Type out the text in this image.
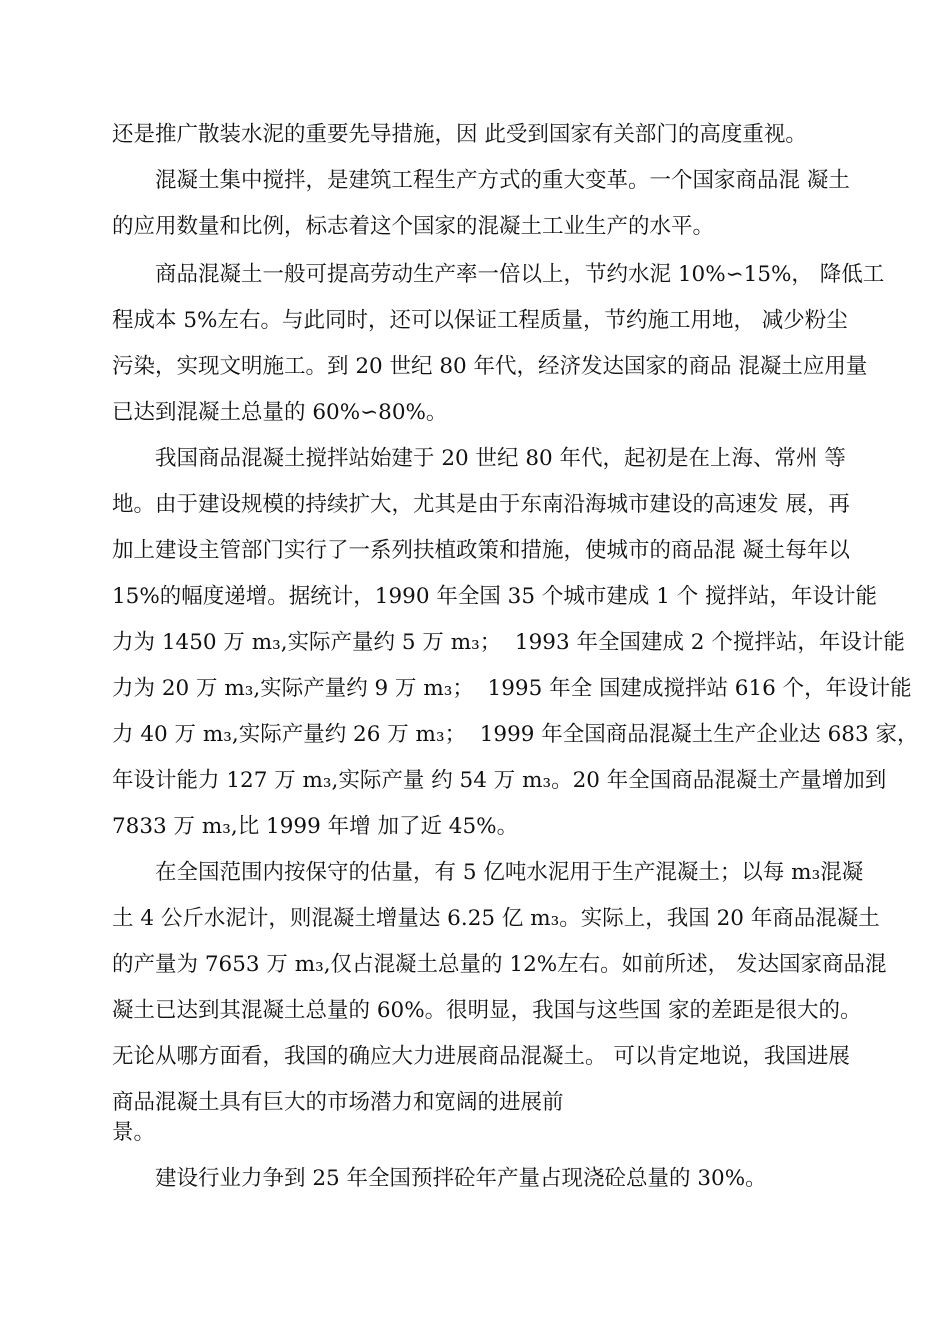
还是推广散装水泥的重要先导措施，因 此受到国家有关部门的高度重视。
混凝土集中搅拌，是建筑工程生产方式的重大变革。一个国家商品混 凝土
的应用数量和比例，标志着这个国家的混凝土工业生产的水平。
商品混凝土一般可提高劳动生产率一倍以上，节约水泥 10%∽15%， 降低工
程成本 5%左右。与此同时，还可以保证工程质量，节约施工用地， 减少粉尘
污染，实现文明施工。到 20 世纪 80 年代，经济发达国家的商品 混凝土应用量
已达到混凝土总量的 60%∽80%。
我国商品混凝土搅拌站始建于 20 世纪 80 年代，起初是在上海、常州 等
地。由于建设规模的持续扩大，尤其是由于东南沿海城市建设的高速发 展，再
加上建设主管部门实行了一系列扶植政策和措施，使城市的商品混 凝土每年以
15%的幅度递增。据统计，1990 年全国 35 个城市建成 1 个 搅拌站，年设计能
力为 1450 万 m₃,实际产量约 5 万 m₃；  1993 年全国建成 2 个搅拌站，年设计能
力为 20 万 m₃,实际产量约 9 万 m₃；  1995 年全 国建成搅拌站 616 个，年设计能
力 40 万 m₃,实际产量约 26 万 m₃；  1999 年全国商品混凝土生产企业达 683 家，
年设计能力 127 万 m₃,实际产量 约 54 万 m₃。20 年全国商品混凝土产量增加到
7833 万 m₃,比 1999 年增 加了近 45%。
在全国范围内按保守的估量，有 5 亿吨水泥用于生产混凝土；以每 m₃混凝
土 4 公斤水泥计，则混凝土增量达 6.25 亿 m₃。实际上，我国 20 年商品混凝土
的产量为 7653 万 m₃,仅占混凝土总量的 12%左右。如前所述， 发达国家商品混
凝土已达到其混凝土总量的 60%。很明显，我国与这些国 家的差距是很大的。
无论从哪方面看，我国的确应大力进展商品混凝土。 可以肯定地说，我国进展
商品混凝土具有巨大的市场潜力和宽阔的进展前
景。
建设行业力争到 25 年全国预拌砼年产量占现浇砼总量的 30%。
